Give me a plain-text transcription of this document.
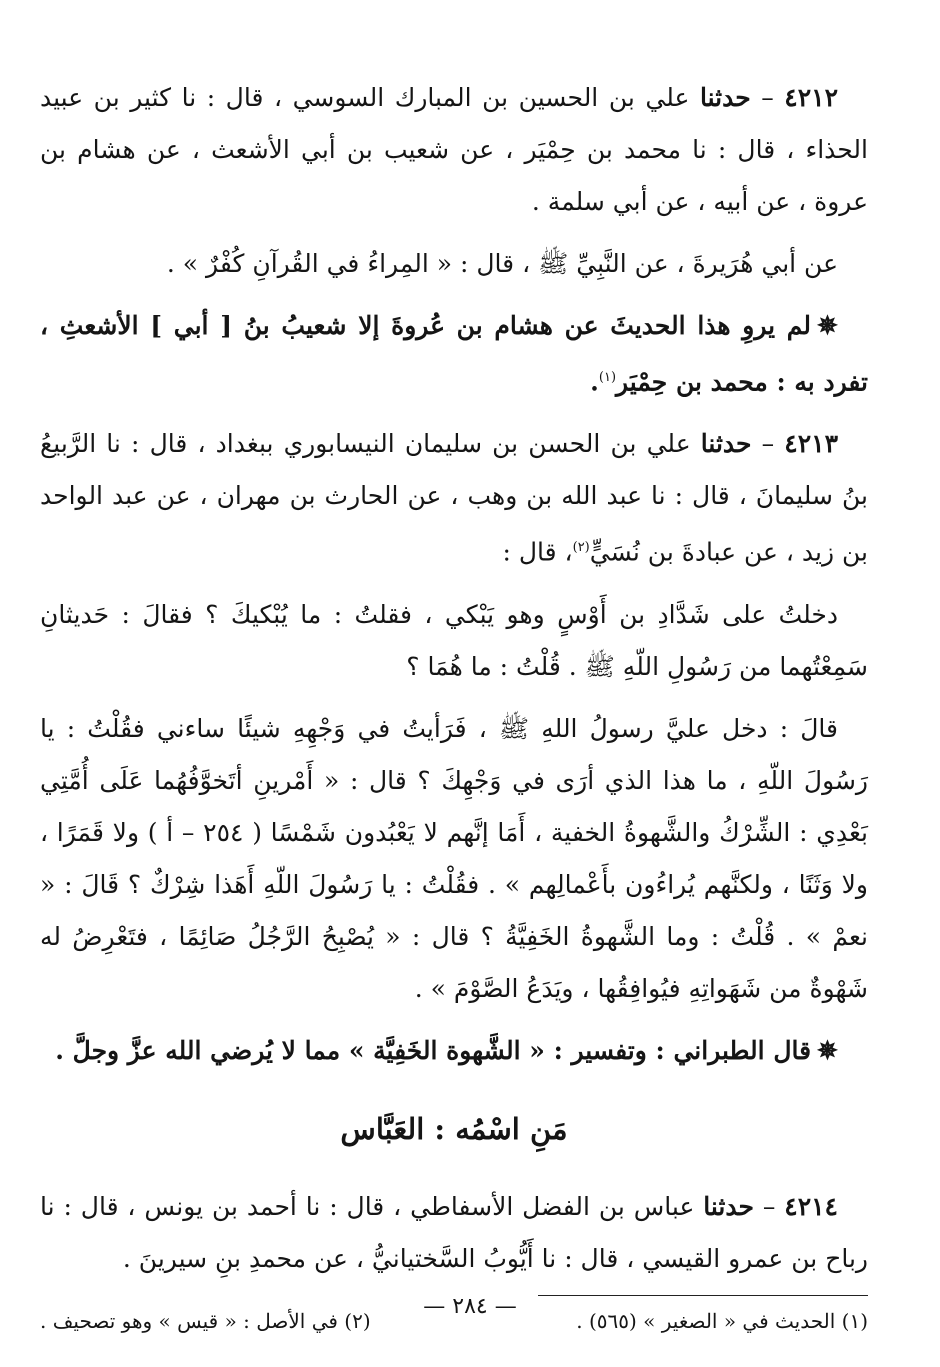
٤٢١٢ – حدثنا علي بن الحسين بن المبارك السوسي ، قال : نا كثير بن عبيد الحذاء ، قال : نا محمد بن حِمْيَر ، عن شعيب بن أبي الأشعث ، عن هشام بن عروة ، عن أبيه ، عن أبي سلمة .

عن أبي هُرَيرةَ ، عن النَّبِيِّ ﷺ ، قال : « المِراءُ في القُرآنِ كُفْرٌ » .

✵لم يروِ هذا الحديثَ عن هشام بن عُروةَ إلا شعيبُ بنُ [ أبي ] الأشعثِ ، تفرد به : محمد بن حِمْيَر$^{(١)}$.

٤٢١٣ – حدثنا علي بن الحسن بن سليمان النيسابوري ببغداد ، قال : نا الرَّبيعُ بنُ سليمانَ ، قال : نا عبد الله بن وهب ، عن الحارث بن مهران ، عن عبد الواحد بن زيد ، عن عبادةَ بن نُسَيٍّ$^{(٢)}$، قال :

دخلتُ على شَدَّادِ بن أَوْسٍ وهو يَبْكي ، فقلتُ : ما يُبْكيكَ ؟ فقالَ : حَديثانِ سَمِعْتُهما من رَسُولِ اللّهِ ﷺ . قُلْتُ : ما هُمَا ؟

قالَ : دخل عليَّ رسولُ اللهِ ﷺ ، فَرَأيتُ في وَجْهِهِ شيئًا ساءني فقُلْتُ : يا رَسُولَ اللّهِ ، ما هذا الذي أرَى في وَجْهِكَ ؟ قال : « أَمْرينِ أتَخوَّفُهُما عَلَى أُمَّتِي بَعْدِي : الشِّرْكُ والشَّهوةُ الخفية ، أَمَا إنَّهم لا يَعْبُدون شَمْسًا ( ٢٥٤ – أ ) ولا قَمَرًا ، ولا وَثَنًا ، ولكنَّهم يُراءُون بأَعْمالِهم » . فقُلْتُ : يا رَسُولَ اللّهِ أَهَذا شِرْكٌ ؟ قَالَ : « نعمْ » . قُلْتُ : وما الشَّهوةُ الخَفِيَّةُ ؟ قال : « يُصْبِحُ الرَّجُلُ صَائِمًا ، فتَعْرِضُ له شَهْوةٌ من شَهَواتِهِ فيُوافِقُها ، ويَدَعُ الصَّوْمَ » .

✵قال الطبراني : وتفسير : « الشَّهوة الخَفِيَّة » مما لا يُرضي الله عزَّ وجلَّ .

مَنِ اسْمُه : العَبَّاس

٤٢١٤ – حدثنا عباس بن الفضل الأسفاطي ، قال : نا أحمد بن يونس ، قال : نا رباح بن عمرو القيسي ، قال : نا أَيُّوبُ السَّختيانيُّ ، عن محمدِ بنِ سيرينَ .

(١) الحديث في « الصغير » (٥٦٥) .
(٢) في الأصل : « قيس » وهو تصحيف .
— ٢٨٤ —
